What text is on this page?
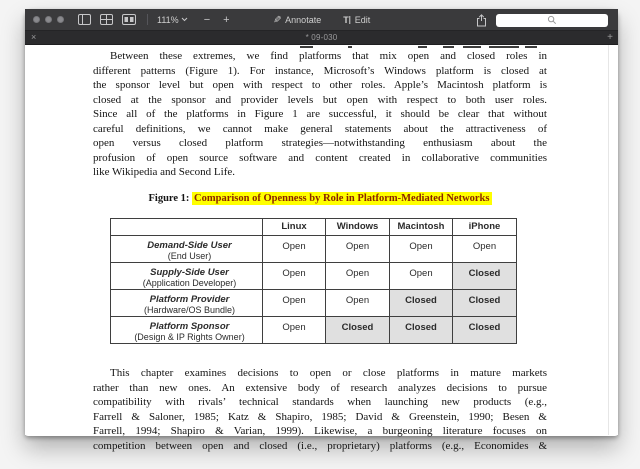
111%	−	+	✎ Annotate T Edit
×	* 09-030	+
Between these extremes, we find platforms that mix open and closed roles in
different patterns (Figure 1). For instance, Microsoft’s Windows platform is closed at
the sponsor level but open with respect to other roles. Apple’s Macintosh platform is
closed at the sponsor and provider levels but open with respect to both user roles.
Since all of the platforms in Figure 1 are successful, it should be clear that without
careful definitions, we cannot make general statements about the attractiveness of
open versus closed platform strategies—notwithstanding enthusiasm about the
profusion of open source software and content created in collaborative communities
like Wikipedia and Second Life.
Figure 1: Comparison of Openness by Role in Platform-Mediated Networks
	Linux	Windows	Macintosh	iPhone

Demand-Side User
(End User)	Open	Open	Open	Open

Supply-Side User
(Application Developer)	Open	Open	Open	Closed

Platform Provider
(Hardware/OS Bundle)	Open	Open	Closed	Closed

Platform Sponsor
(Design & IP Rights Owner)	Open	Closed	Closed	Closed
This chapter examines decisions to open or close platforms in mature markets
rather than new ones. An extensive body of research analyzes decisions to pursue
compatibility with rivals’ technical standards when launching new products (e.g.,
Farrell & Saloner, 1985; Katz & Shapiro, 1985; David & Greenstein, 1990; Besen &
Farrell, 1994; Shapiro & Varian, 1999). Likewise, a burgeoning literature focuses on
competition between open and closed (i.e., proprietary) platforms (e.g., Economides &
